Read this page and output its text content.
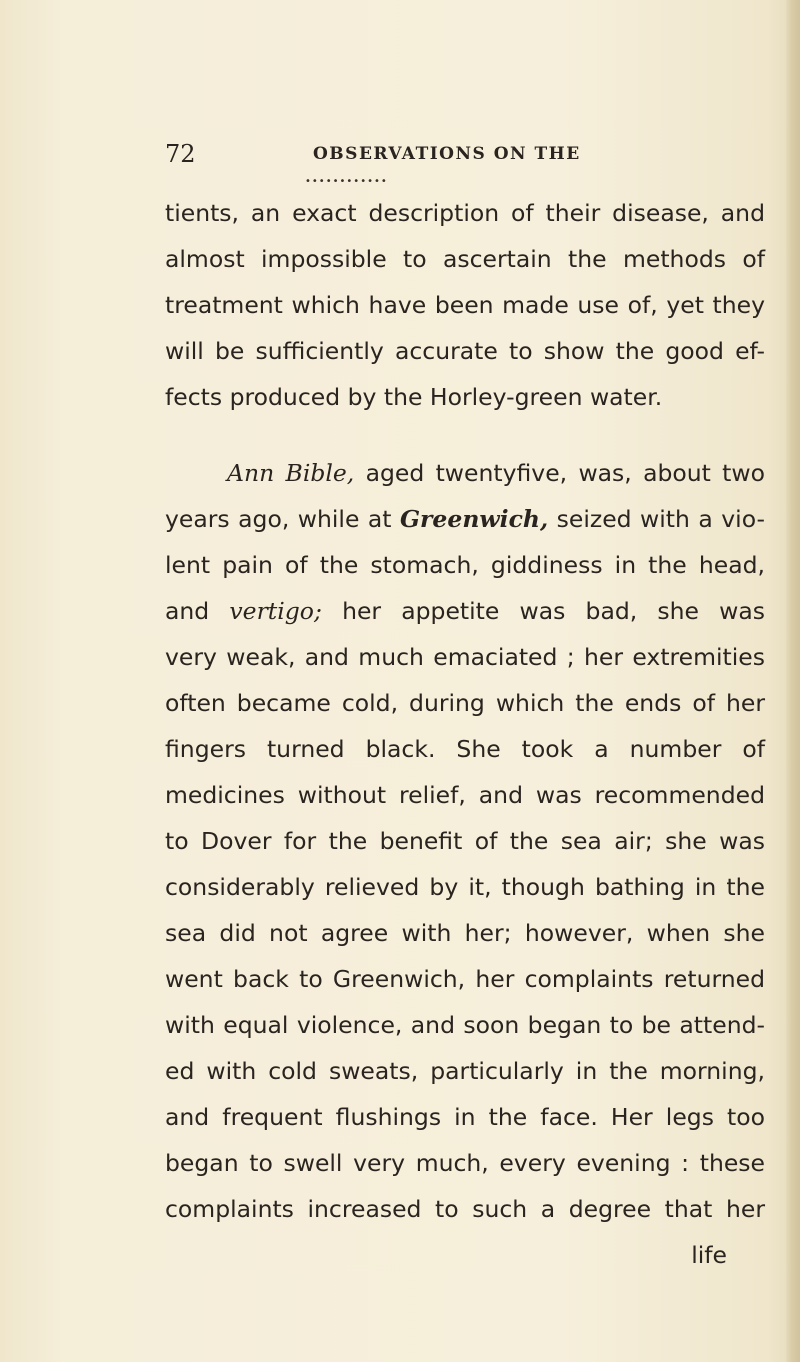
72	OBSERVATIONS ON THE
••••••••••••
tients, an exact description of their disease, and
almost impossible to ascertain the methods of
treatment which have been made use of, yet they
will be sufficiently accurate to show the good ef-
fects produced by the Horley-green water.
Ann Bible, aged twentyfive, was, about two
years ago, while at Greenwich, seized with a vio-
lent pain of the stomach, giddiness in the head,
and vertigo; her appetite was bad, she was
very weak, and much emaciated ; her extremities
often became cold, during which the ends of her
fingers turned black. She took a number of
medicines without relief, and was recommended
to Dover for the benefit of the sea air; she was
considerably relieved by it, though bathing in the
sea did not agree with her; however, when she
went back to Greenwich, her complaints returned
with equal violence, and soon began to be attend-
ed with cold sweats, particularly in the morning,
and frequent flushings in the face. Her legs too
began to swell very much, every evening : these
complaints increased to such a degree that her
life
